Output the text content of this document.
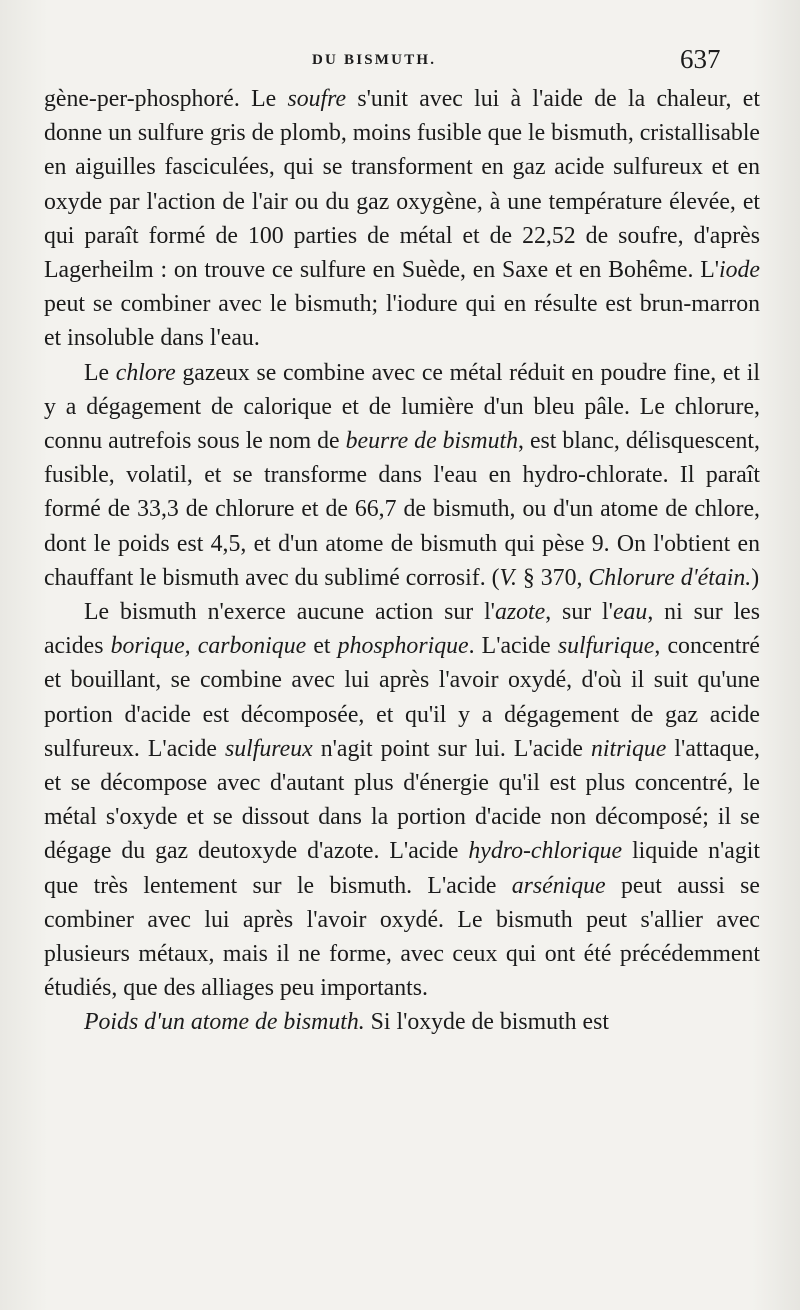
DU BISMUTH.	637

gène-per-phosphoré. Le soufre s'unit avec lui à l'aide de la chaleur, et donne un sulfure gris de plomb, moins fusible que le bismuth, cristallisable en aiguilles fasciculées, qui se transforment en gaz acide sulfureux et en oxyde par l'action de l'air ou du gaz oxygène, à une température élevée, et qui paraît formé de 100 parties de métal et de 22,52 de soufre, d'après Lagerheilm : on trouve ce sulfure en Suède, en Saxe et en Bohême. L'iode peut se combiner avec le bismuth; l'iodure qui en résulte est brun-marron et insoluble dans l'eau.

Le chlore gazeux se combine avec ce métal réduit en poudre fine, et il y a dégagement de calorique et de lumière d'un bleu pâle. Le chlorure, connu autrefois sous le nom de beurre de bismuth, est blanc, délisquescent, fusible, volatil, et se transforme dans l'eau en hydro-chlorate. Il paraît formé de 33,3 de chlorure et de 66,7 de bismuth, ou d'un atome de chlore, dont le poids est 4,5, et d'un atome de bismuth qui pèse 9. On l'obtient en chauffant le bismuth avec du sublimé corrosif. (V. § 370, Chlorure d'étain.)

Le bismuth n'exerce aucune action sur l'azote, sur l'eau, ni sur les acides borique, carbonique et phosphorique. L'acide sulfurique, concentré et bouillant, se combine avec lui après l'avoir oxydé, d'où il suit qu'une portion d'acide est décomposée, et qu'il y a dégagement de gaz acide sulfureux. L'acide sulfureux n'agit point sur lui. L'acide nitrique l'attaque, et se décompose avec d'autant plus d'énergie qu'il est plus concentré, le métal s'oxyde et se dissout dans la portion d'acide non décomposé; il se dégage du gaz deutoxyde d'azote. L'acide hydro-chlorique liquide n'agit que très lentement sur le bismuth. L'acide arsénique peut aussi se combiner avec lui après l'avoir oxydé. Le bismuth peut s'allier avec plusieurs métaux, mais il ne forme, avec ceux qui ont été précédemment étudiés, que des alliages peu importants.

Poids d'un atome de bismuth. Si l'oxyde de bismuth est
